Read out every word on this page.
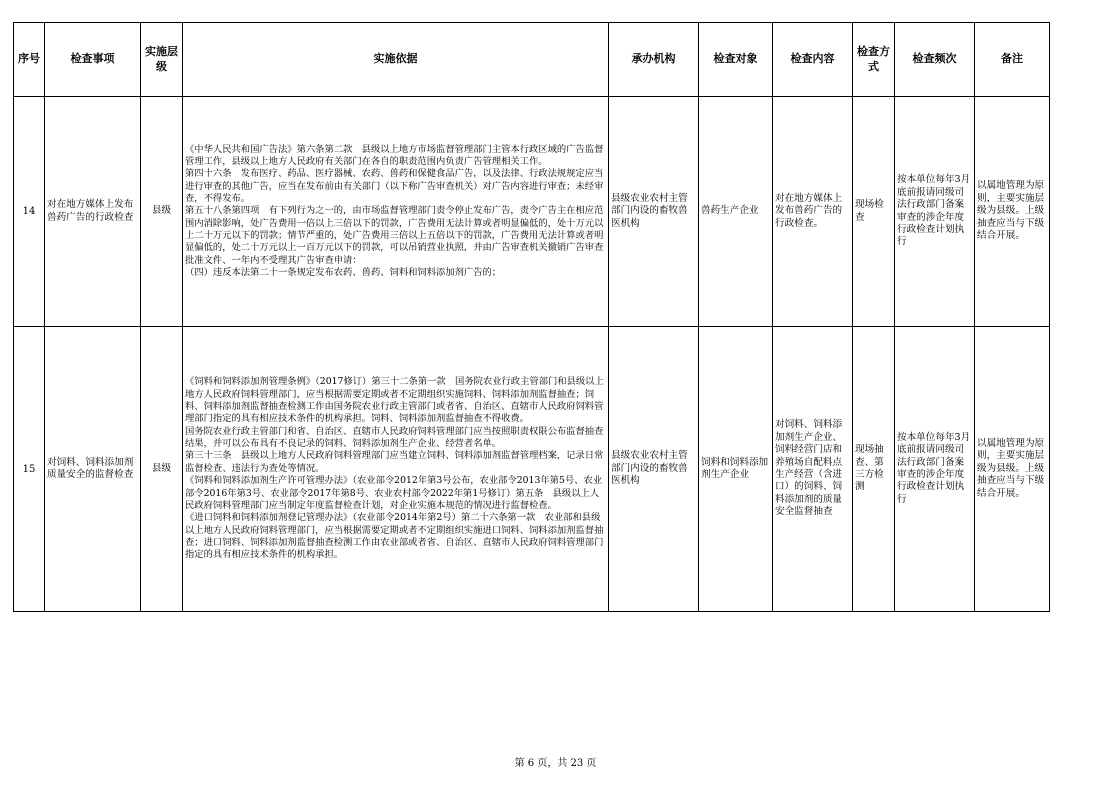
序号	检查事项	实施层级	实施依据	承办机构	检查对象	检查内容	检查方式	检查频次	备注
14	对在地方媒体上发布兽药广告的行政检查	县级	《中华人民共和国广告法》第六条第二款　县级以上地方市场监督管理部门主管本行政区域的广告监督管理工作，县级以上地方人民政府有关部门在各自的职责范围内负责广告管理相关工作。

第四十六条　发布医疗、药品、医疗器械、农药、兽药和保健食品广告，以及法律、行政法规规定应当进行审查的其他广告，应当在发布前由有关部门（以下称广告审查机关）对广告内容进行审查；未经审查，不得发布。

第五十八条第四项　有下列行为之一的，由市场监督管理部门责令停止发布广告，责令广告主在相应范围内消除影响，处广告费用一倍以上三倍以下的罚款，广告费用无法计算或者明显偏低的，处十万元以上二十万元以下的罚款；情节严重的，处广告费用三倍以上五倍以下的罚款，广告费用无法计算或者明显偏低的，处二十万元以上一百万元以下的罚款，可以吊销营业执照，并由广告审查机关撤销广告审查批准文件、一年内不受理其广告审查申请：

（四）违反本法第二十一条规定发布农药、兽药、饲料和饲料添加剂广告的；	县级农业农村主管部门内设的畜牧兽医机构	兽药生产企业	对在地方媒体上发布兽药广告的行政检查。	现场检查	按本单位每年3月底前报请同级司法行政部门备案审查的涉企年度行政检查计划执行	以属地管理为原则，主要实施层级为县级。上级抽查应当与下级结合开展。
15	对饲料、饲料添加剂质量安全的监督检查	县级	《饲料和饲料添加剂管理条例》（2017修订）第三十二条第一款　国务院农业行政主管部门和县级以上地方人民政府饲料管理部门，应当根据需要定期或者不定期组织实施饲料、饲料添加剂监督抽查；饲料、饲料添加剂监督抽查检测工作由国务院农业行政主管部门或者省、自治区、直辖市人民政府饲料管理部门指定的具有相应技术条件的机构承担。饲料、饲料添加剂监督抽查不得收费。

国务院农业行政主管部门和省、自治区、直辖市人民政府饲料管理部门应当按照职责权限公布监督抽查结果，并可以公布具有不良记录的饲料、饲料添加剂生产企业、经营者名单。

第三十三条　县级以上地方人民政府饲料管理部门应当建立饲料、饲料添加剂监督管理档案，记录日常监督检查、违法行为查处等情况。

《饲料和饲料添加剂生产许可管理办法》（农业部令2012年第3号公布，农业部令2013年第5号、农业部令2016年第3号、农业部令2017年第8号、农业农村部令2022年第1号修订）第五条　县级以上人民政府饲料管理部门应当制定年度监督检查计划，对企业实施本规范的情况进行监督检查。

《进口饲料和饲料添加剂登记管理办法》（农业部令2014年第2号）第二十六条第一款　农业部和县级以上地方人民政府饲料管理部门，应当根据需要定期或者不定期组织实施进口饲料、饲料添加剂监督抽查；进口饲料、饲料添加剂监督抽查检测工作由农业部或者省、自治区、直辖市人民政府饲料管理部门指定的具有相应技术条件的机构承担。	县级农业农村主管部门内设的畜牧兽医机构	饲料和饲料添加剂生产企业	对饲料、饲料添加剂生产企业、饲料经营门店和养殖场自配料点生产经营（含进口）的饲料、饲料添加剂的质量安全监督抽查	现场抽查、第三方检测	按本单位每年3月底前报请同级司法行政部门备案审查的涉企年度行政检查计划执行	以属地管理为原则，主要实施层级为县级。上级抽查应当与下级结合开展。
第 6 页，共 23 页
